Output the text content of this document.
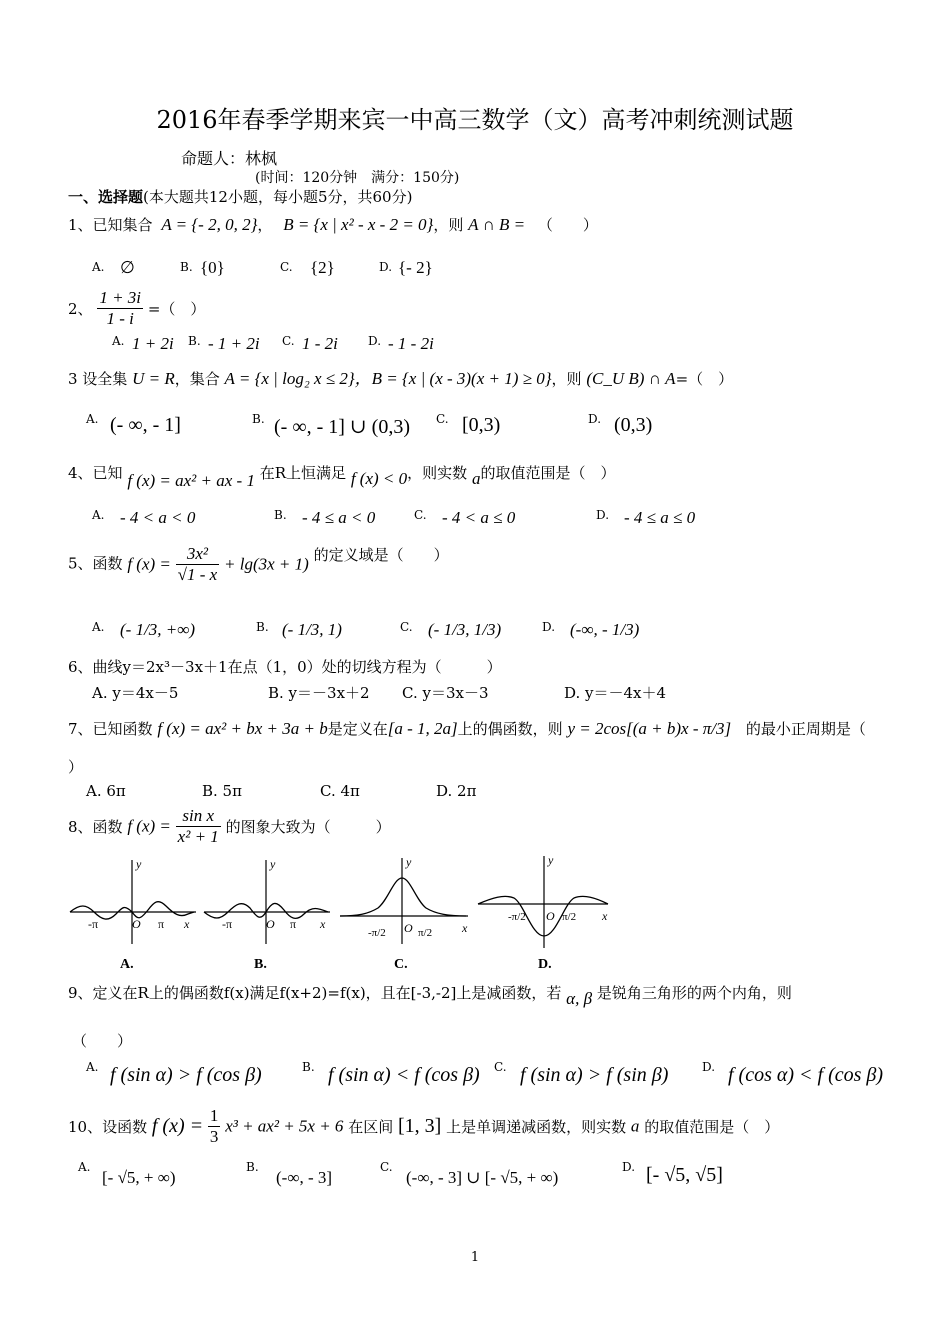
2016年春季学期来宾一中高三数学（文）高考冲刺统测试题
命题人：林枫
(时间：120分钟　满分：150分)
一、选择题(本大题共12小题，每小题5分，共60分)
1、已知集合 A = {- 2, 0, 2}， B = {x | x² - x - 2 = 0}，则 A ∩ B = （　　）
A. ∅	B. {0}	C. {2}	D. {- 2}
2、 $\frac{1 + 3i}{1 - i}$ =（　）
A. 1 + 2i B. - 1 + 2i C. 1 - 2i	D. - 1 - 2i
3 设全集 U = R，集合 A = {x | log₂ x ≤ 2}，B = {x | (x - 3)(x + 1) ≥ 0}，则 (C_U B) ∩ A=（　）
A. (- ∞, - 1]	B. (- ∞, - 1] ∪ (0,3) C. [0,3)	D. (0,3)
4、已知 f (x) = ax² + ax - 1 在R上恒满足 f (x) < 0，则实数 a的取值范围是（　）
A. - 4 < a < 0	B. - 4 ≤ a < 0	C. - 4 < a ≤ 0	D. - 4 ≤ a ≤ 0
5、函数 f $(x) = \frac{\text{3x²}}{√1 - x} + \lg(3x + 1)$ 的定义域是（　　）
A. (- 1/3, +∞)	B. (- 1/3, 1)	C. (- 1/3, 1/3)	D. (-∞, - 1/3)
6、曲线y＝2x³－3x＋1在点（1，0）处的切线方程为（　　　）
A. y＝4x－5	B. y＝－3x＋2 C. y＝3x－3	D. y＝－4x＋4
7、已知函数 f (x) = ax² + bx + 3a + b是定义在[a - 1, 2a]上的偶函数，则 y = 2cos[(a + b)x - π/3] 的最小正周期是（
）
A. 6π	B. 5π	C. 4π	D. 2π
8、函数 f $(x) = \frac{\text{sin x}}{\text{x² + 1}}$ 的图象大致为（　　　）
-π	O π x
y
A.
-π	O π x
y
B.
-π/2 O π/2 x
y
C.
-π/2 O π/2 x
y
D.
9、定义在R上的偶函数f(x)满足f(x+2)=f(x)，且在[-3,-2]上是减函数，若 α, β 是锐角三角形的两个内角，则
（　　）
A. f (sin α) > f (cos β)	B. f (sin α) < f (cos β) C. f (sin α) > f (sin β)	D. f (cos α) < f (cos β)
10、设函数 f $(x) = \frac{1}{3} x^3 + ax^2 + 5x + 6$ 在区间 [1, 3] 上是单调递减函数，则实数 a 的取值范围是（　）
A.
[- √5, + ∞)
B.
(-∞, - 3]
C.
(-∞, - 3] ∪ [- √5, + ∞)
D. [- √5, √5]
1
